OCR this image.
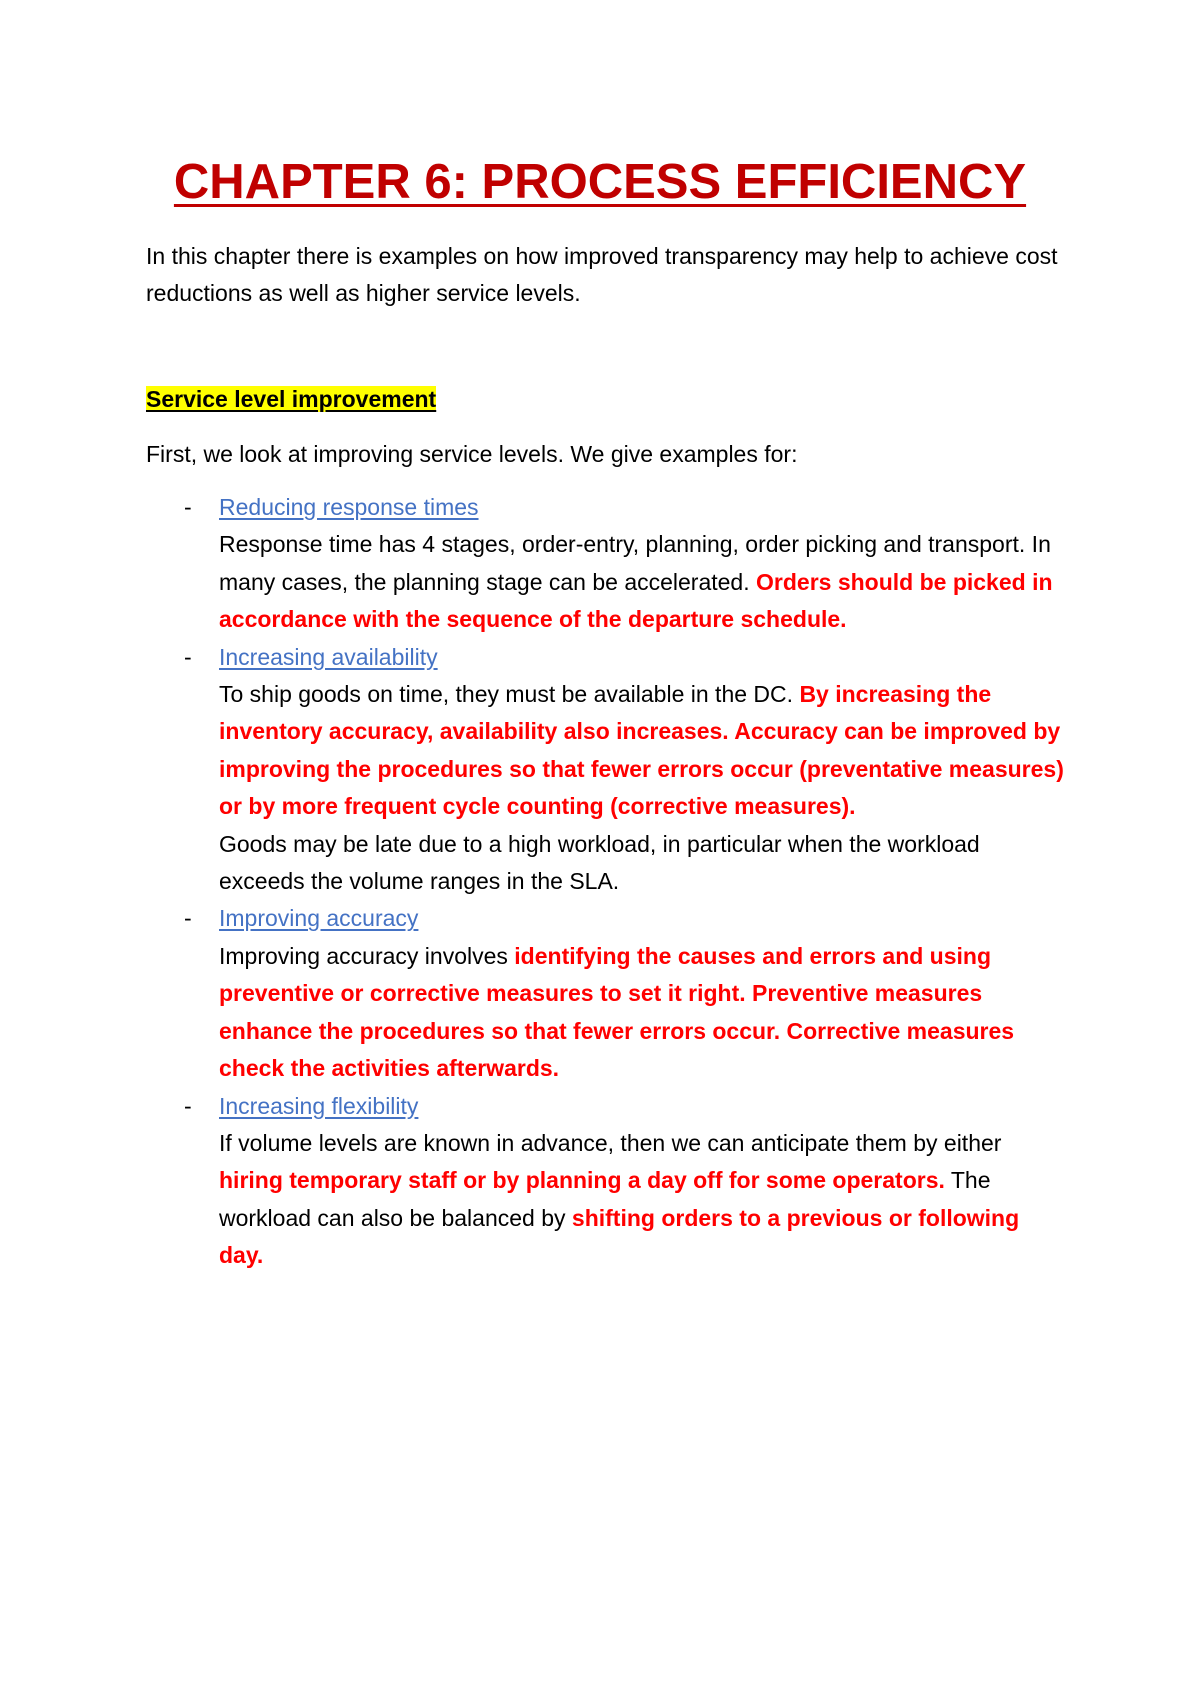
CHAPTER 6: PROCESS EFFICIENCY
In this chapter there is examples on how improved transparency may help to achieve cost reductions as well as higher service levels.
Service level improvement
First, we look at improving service levels. We give examples for:
- Reducing response times
Response time has 4 stages, order-entry, planning, order picking and transport. In many cases, the planning stage can be accelerated. Orders should be picked in accordance with the sequence of the departure schedule.
- Increasing availability
To ship goods on time, they must be available in the DC. By increasing the inventory accuracy, availability also increases. Accuracy can be improved by improving the procedures so that fewer errors occur (preventative measures) or by more frequent cycle counting (corrective measures).
Goods may be late due to a high workload, in particular when the workload exceeds the volume ranges in the SLA.
- Improving accuracy
Improving accuracy involves identifying the causes and errors and using preventive or corrective measures to set it right. Preventive measures enhance the procedures so that fewer errors occur. Corrective measures check the activities afterwards.
- Increasing flexibility
If volume levels are known in advance, then we can anticipate them by either hiring temporary staff or by planning a day off for some operators. The workload can also be balanced by shifting orders to a previous or following day.
